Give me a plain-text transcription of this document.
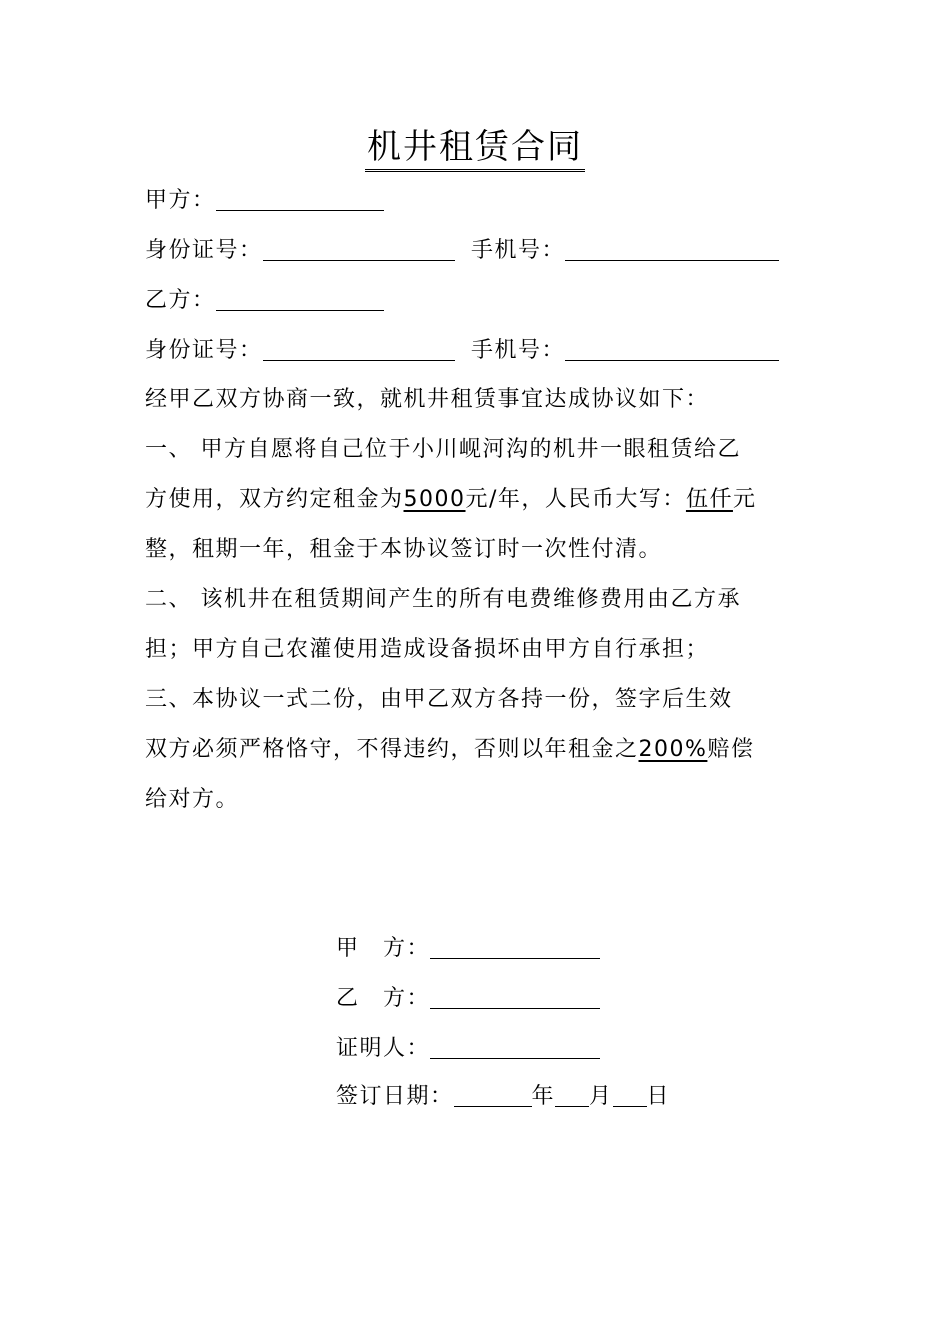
机井租赁合同
甲方：
身份证号：	手机号：
乙方：
身份证号：	手机号：
经甲乙双方协商一致，就机井租赁事宜达成协议如下：
一、 甲方自愿将自己位于小川岘河沟的机井一眼租赁给乙
方使用，双方约定租金为5000元/年，人民币大写：伍仟元
整，租期一年，租金于本协议签订时一次性付清。
二、 该机井在租赁期间产生的所有电费维修费用由乙方承
担；甲方自己农灌使用造成设备损坏由甲方自行承担；
三、本协议一式二份，由甲乙双方各持一份，签字后生效
双方必须严格恪守，不得违约，否则以年租金之200%赔偿
给对方。
甲　方：
乙　方：
证明人：
签订日期：	年 月 日
